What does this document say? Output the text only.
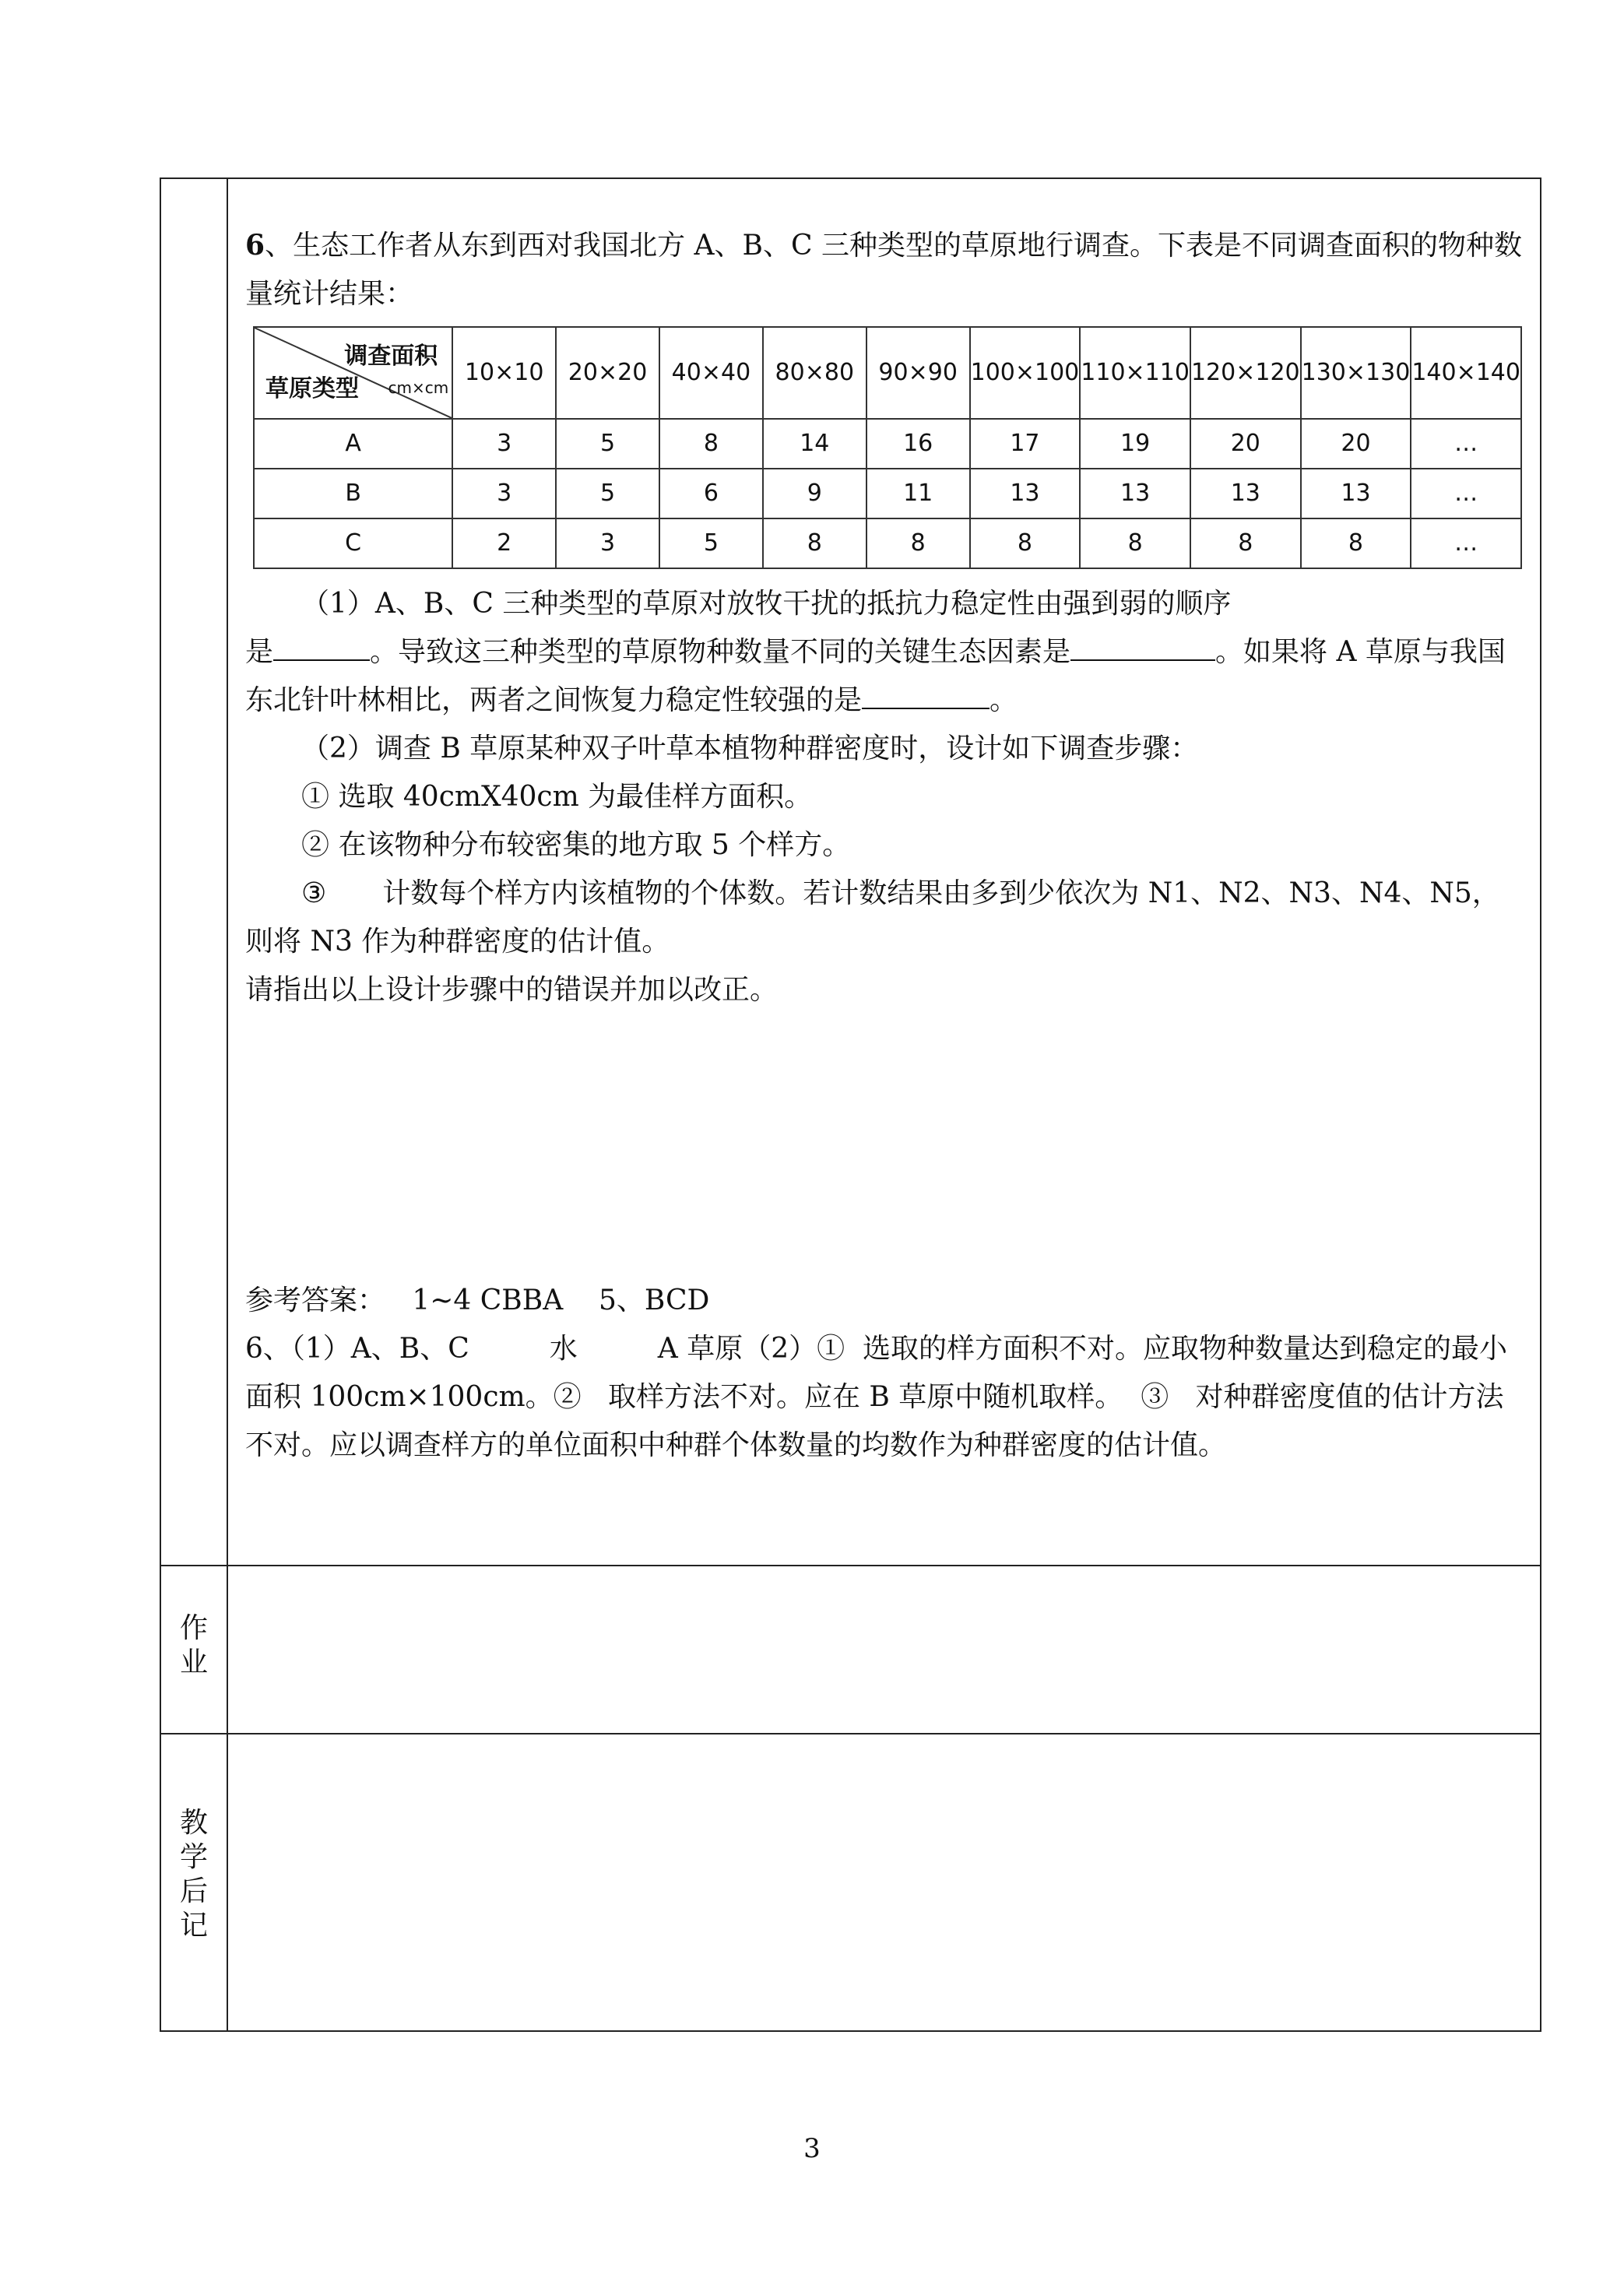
6、生态工作者从东到西对我国北方 A、B、C 三种类型的草原地行调查。下表是不同调查面积的物种数量统计结果：

调查面积
cm×cm
草原类型	10×10	20×20	40×40	80×80	90×90	100×100	110×110	120×120	130×130	140×140
A	3	5	8	14	16	17	19	20	20	…
B	3	5	6	9	11	13	13	13	13	…
C	2	3	5	8	8	8	8	8	8	…

（1）A、B、C 三种类型的草原对放牧干扰的抵抗力稳定性由强到弱的顺序

是	。导致这三种类型的草原物种数量不同的关键生态因素是	。如果将 A 草原与我国东北针叶林相比，两者之间恢复力稳定性较强的是	。

（2）调查 B 草原某种双子叶草本植物种群密度时，设计如下调查步骤：

① 选取 40cmX40cm 为最佳样方面积。

② 在该物种分布较密集的地方取 5 个样方。

③ 计数每个样方内该植物的个体数。若计数结果由多到少依次为 N1、N2、N3、N4、N5，则将 N3 作为种群密度的估计值。

请指出以上设计步骤中的错误并加以改正。

参考答案：   1~4 CBBA    5、BCD

6、（1）A、B、C         水         A 草原（2）①  选取的样方面积不对。应取物种数量达到稳定的最小面积 100cm×100cm。②   取样方法不对。应在 B 草原中随机取样。  ③   对种群密度值的估计方法不对。应以调查样方的单位面积中种群个体数量的均数作为种群密度的估计值。

作
业
教
学
后
记
3
